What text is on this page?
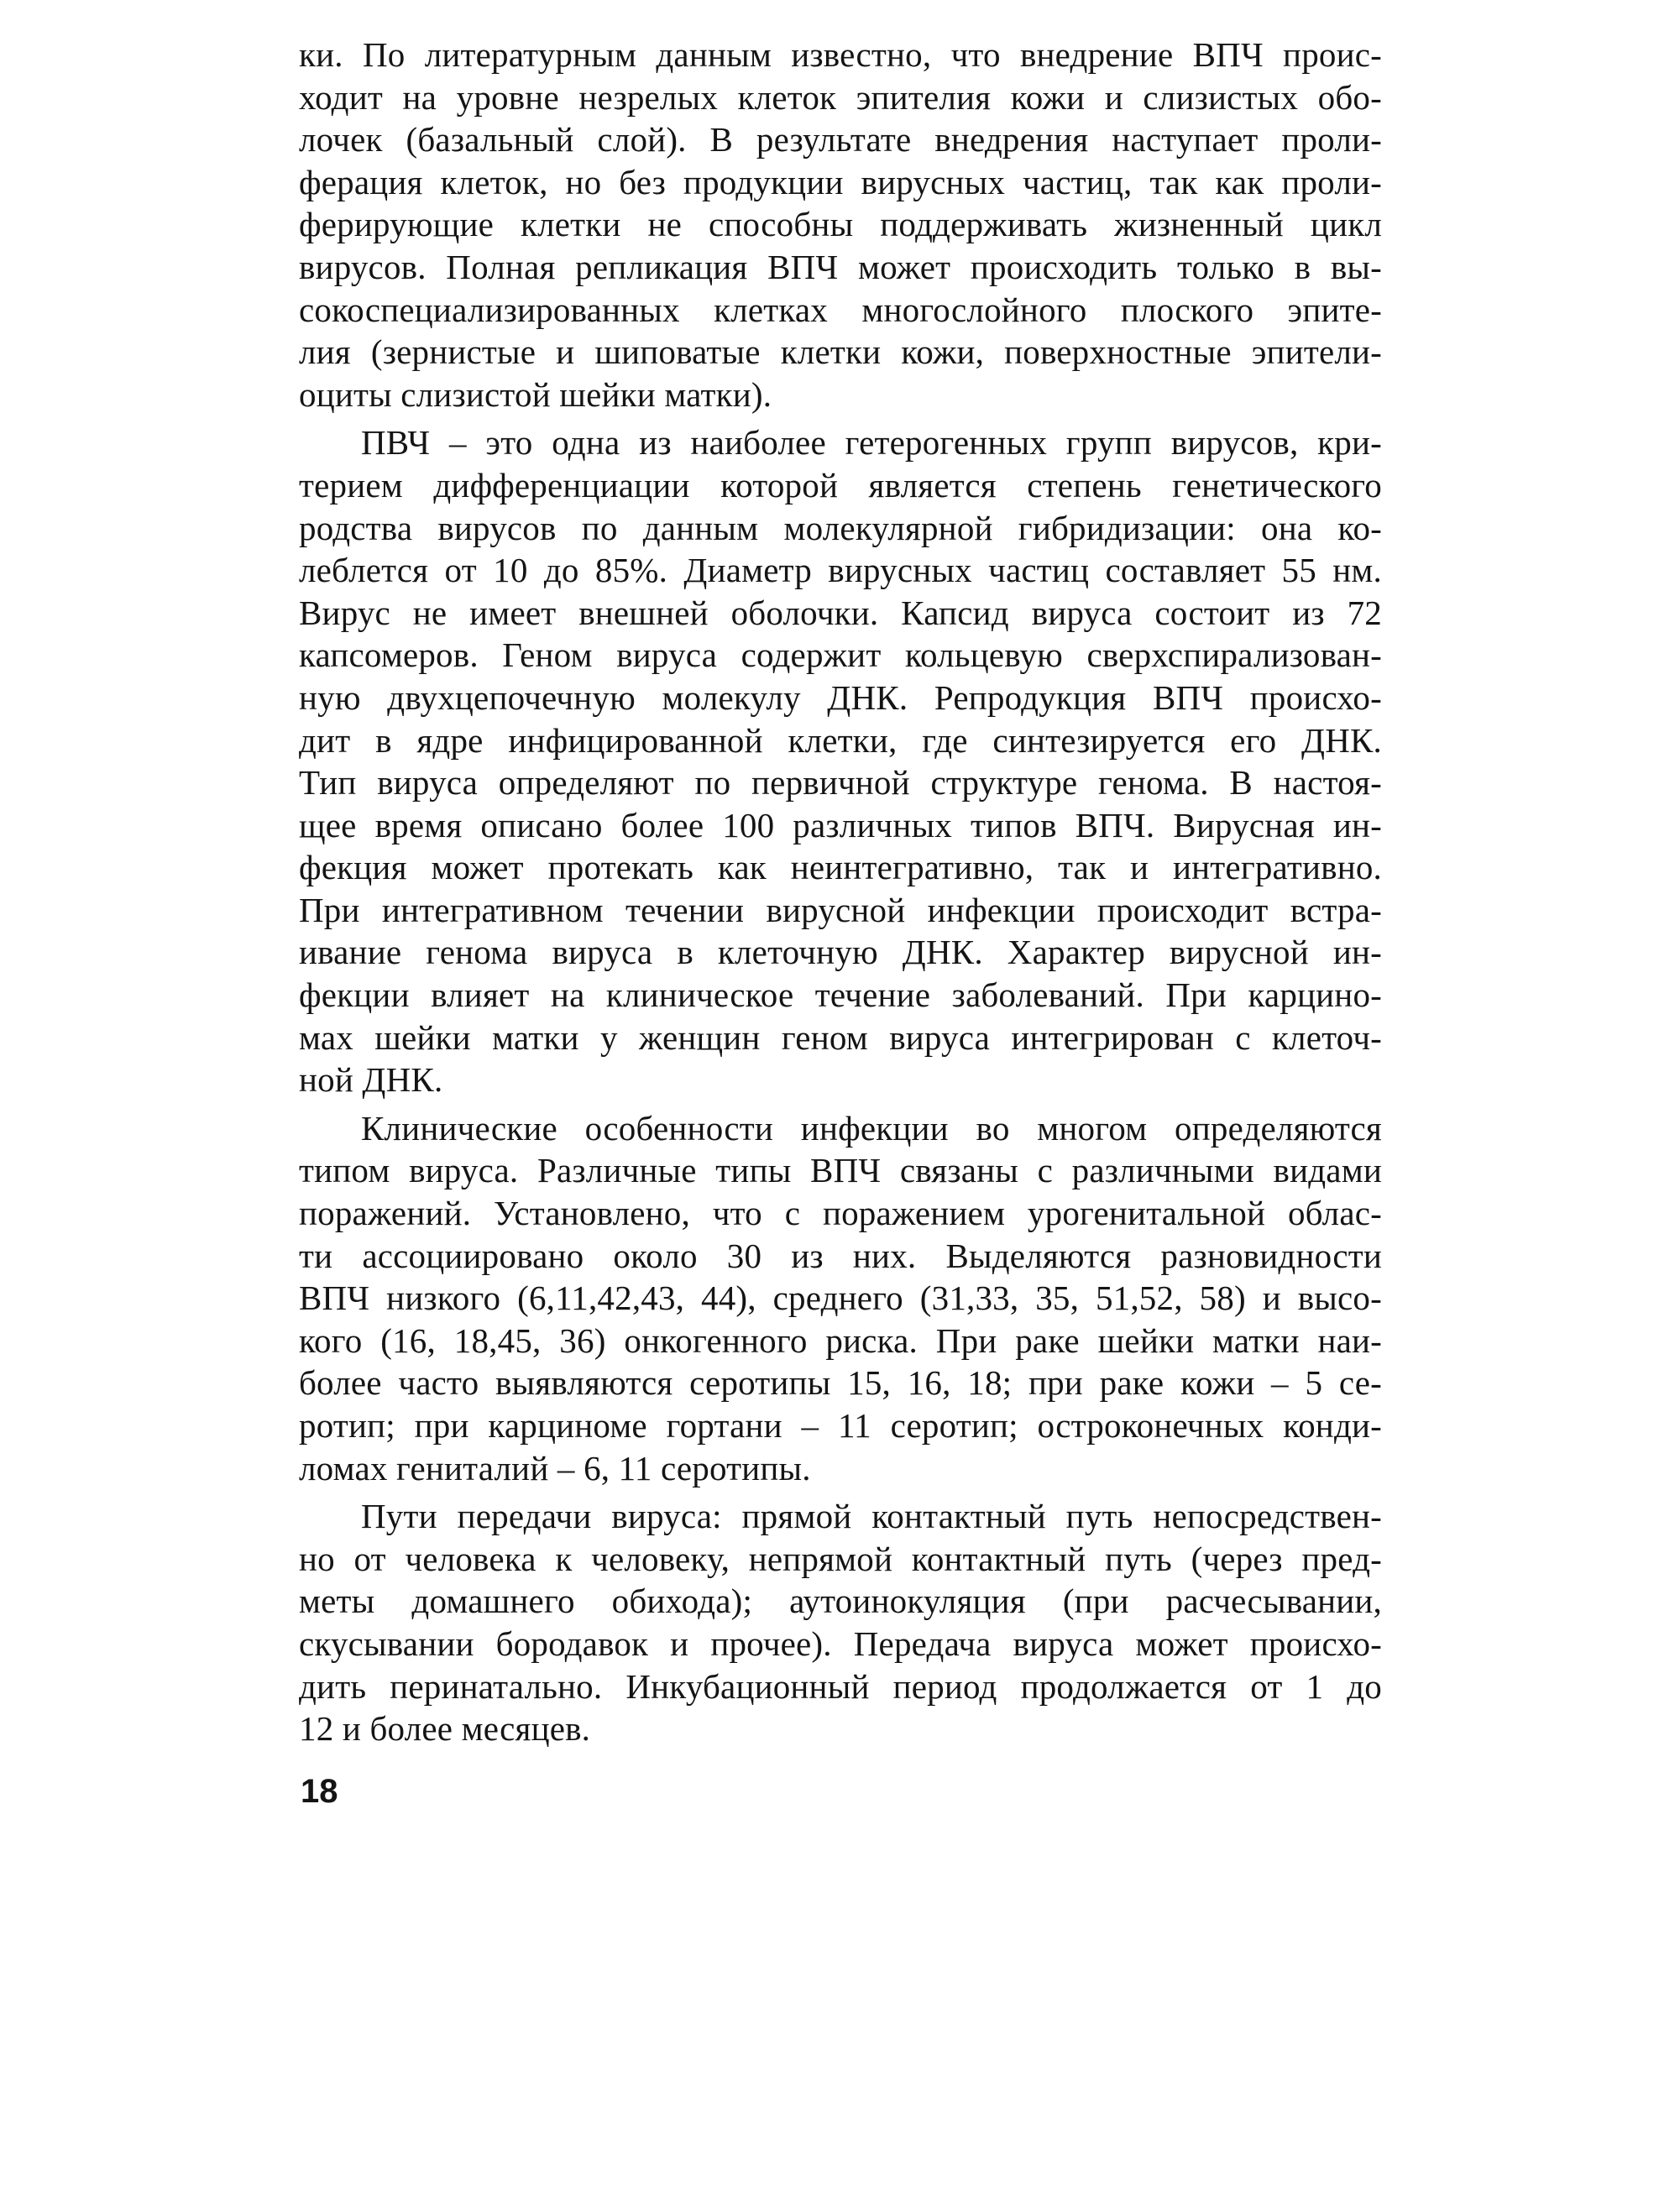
ки. По литературным данным известно, что внедрение ВПЧ проис-
ходит на уровне незрелых клеток эпителия кожи и слизистых обо-
лочек (базальный слой). В результате внедрения наступает проли-
ферация клеток, но без продукции вирусных частиц, так как проли-
ферирующие клетки не способны поддерживать жизненный цикл
вирусов. Полная репликация ВПЧ может происходить только в вы-
сокоспециализированных клетках многослойного плоского эпите-
лия (зернистые и шиповатые клетки кожи, поверхностные эпители-
оциты слизистой шейки матки).

ПВЧ – это одна из наиболее гетерогенных групп вирусов, кри-
терием дифференциации которой является степень генетического
родства вирусов по данным молекулярной гибридизации: она ко-
леблется от 10 до 85%. Диаметр вирусных частиц составляет 55 нм.
Вирус не имеет внешней оболочки. Капсид вируса состоит из 72
капсомеров. Геном вируса содержит кольцевую сверхспирализован-
ную двухцепочечную молекулу ДНК. Репродукция ВПЧ происхо-
дит в ядре инфицированной клетки, где синтезируется его ДНК.
Тип вируса определяют по первичной структуре генома. В настоя-
щее время описано более 100 различных типов ВПЧ. Вирусная ин-
фекция может протекать как неинтегративно, так и интегративно.
При интегративном течении вирусной инфекции происходит встра-
ивание генома вируса в клеточную ДНК. Характер вирусной ин-
фекции влияет на клиническое течение заболеваний. При карцино-
мах шейки матки у женщин геном вируса интегрирован с клеточ-
ной ДНК.

Клинические особенности инфекции во многом определяются
типом вируса. Различные типы ВПЧ связаны с различными видами
поражений. Установлено, что с поражением урогенитальной облас-
ти ассоциировано около 30 из них. Выделяются разновидности
ВПЧ низкого (6,11,42,43, 44), среднего (31,33, 35, 51,52, 58) и высо-
кого (16, 18,45, 36) онкогенного риска. При раке шейки матки наи-
более часто выявляются серотипы 15, 16, 18; при раке кожи – 5 се-
ротип; при карциноме гортани – 11 серотип; остроконечных конди-
ломах гениталий – 6, 11 серотипы.

Пути передачи вируса: прямой контактный путь непосредствен-
но от человека к человеку, непрямой контактный путь (через пред-
меты домашнего обихода); аутоинокуляция (при расчесывании,
скусывании бородавок и прочее). Передача вируса может происхо-
дить перинатально. Инкубационный период продолжается от 1 до
12 и более месяцев.

18
